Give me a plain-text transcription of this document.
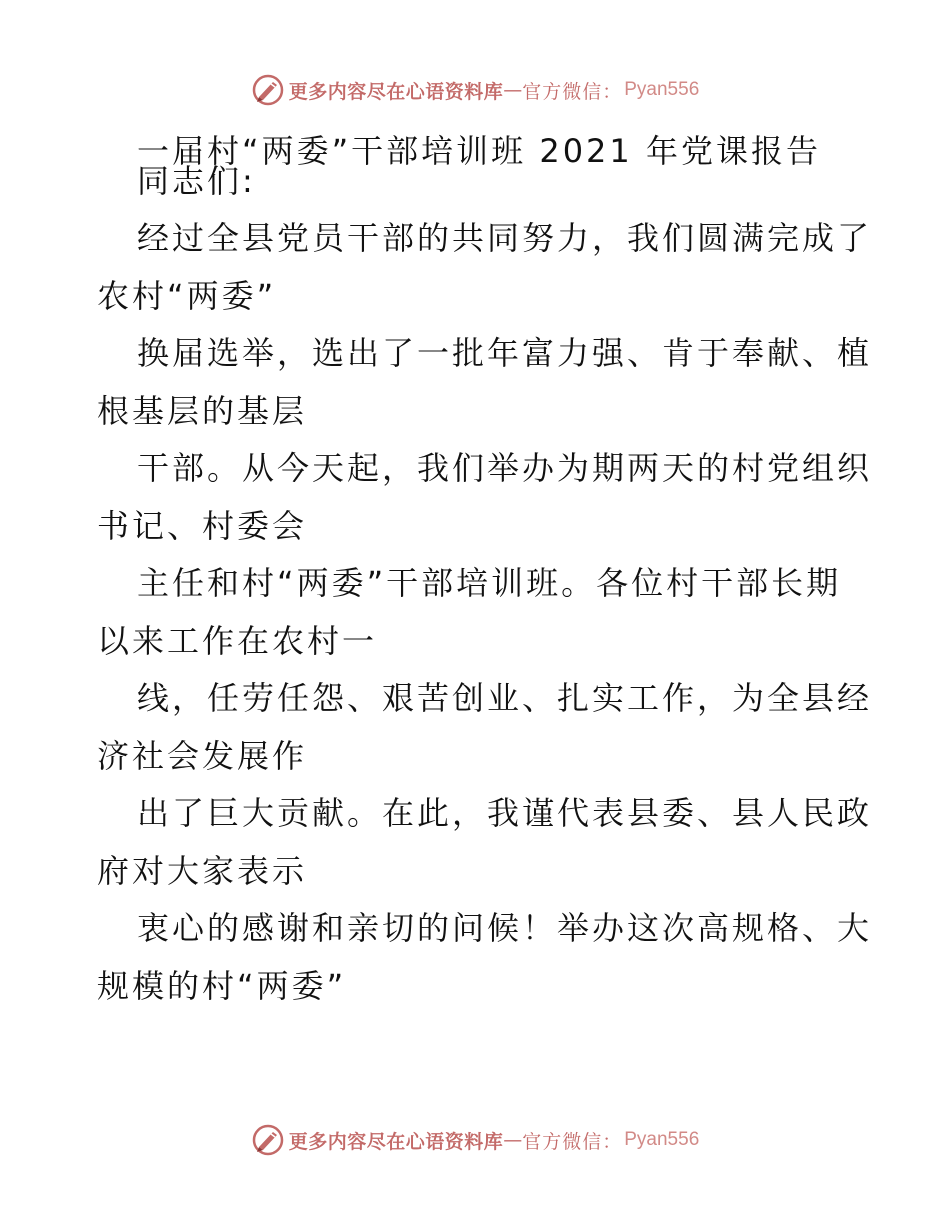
更多内容尽在心语资料库 — 官方微信： Pyan556
一届村“两委”干部培训班 2021 年党课报告
同志们:
经过全县党员干部的共同努力，我们圆满完成了
农村“两委”
换届选举，选出了一批年富力强、肯于奉献、植
根基层的基层
干部。从今天起，我们举办为期两天的村党组织
书记、村委会
主任和村“两委”干部培训班。各位村干部长期
以来工作在农村一
线，任劳任怨、艰苦创业、扎实工作，为全县经
济社会发展作
出了巨大贡献。在此，我谨代表县委、县人民政
府对大家表示
衷心的感谢和亲切的问候！举办这次高规格、大
规模的村“两委”
更多内容尽在心语资料库 — 官方微信： Pyan556
